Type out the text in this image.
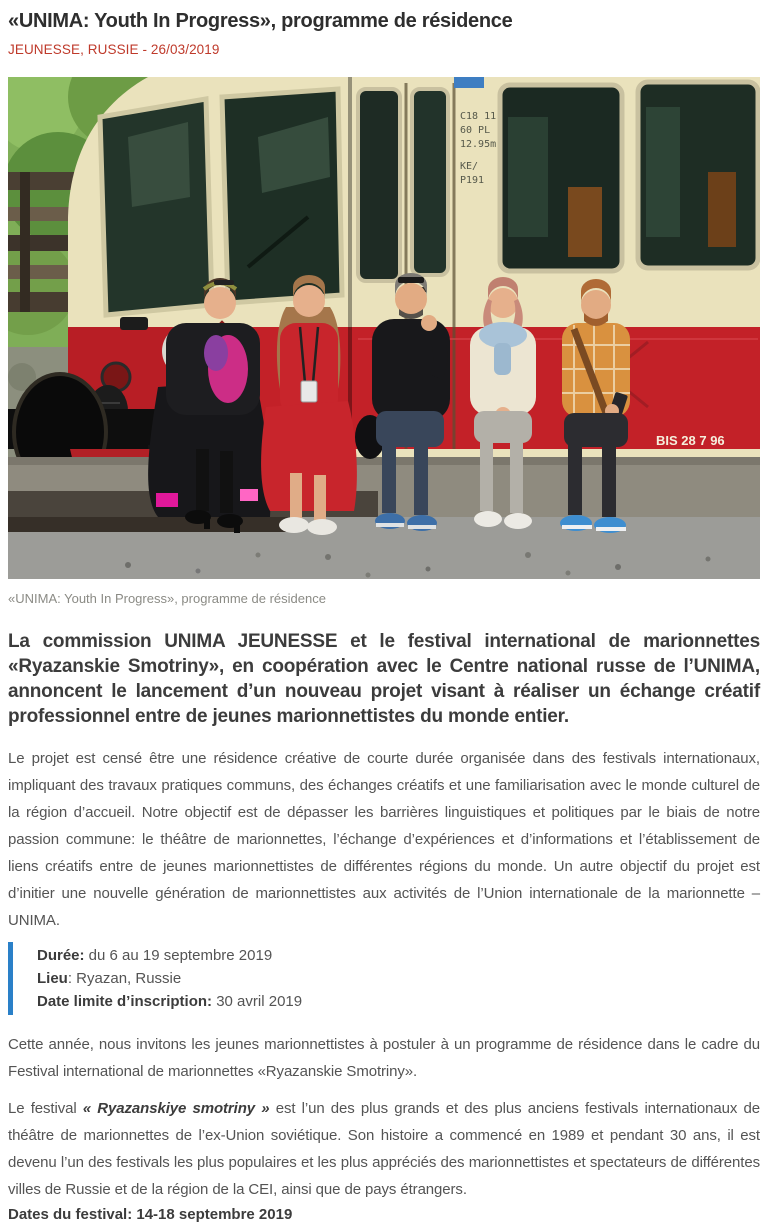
«UNIMA: Youth In Progress», programme de résidence
JEUNESSE, RUSSIE - 26/03/2019
C18 11 60 PL 12.95m KE/ P191
BIS 28 7 96
«UNIMA: Youth In Progress», programme de résidence

La commission UNIMA JEUNESSE et le festival international de marionnettes «Ryazanskie Smotriny», en coopération avec le Centre national russe de l’UNIMA, annoncent le lancement d’un nouveau projet visant à réaliser un échange créatif professionnel entre de jeunes marionnettistes du monde entier.

Le projet est censé être une résidence créative de courte durée organisée dans des festivals internationaux, impliquant des travaux pratiques communs, des échanges créatifs et une familiarisation avec le monde culturel de la région d’accueil. Notre objectif est de dépasser les barrières linguistiques et politiques par le biais de notre passion commune: le théâtre de marionnettes, l’échange d’expériences et d’informations et l’établissement de liens créatifs entre de jeunes marionnettistes de différentes régions du monde. Un autre objectif du projet est d’initier une nouvelle génération de marionnettistes aux activités de l’Union internationale de la marionnette – UNIMA.

Durée: du 6 au 19 septembre 2019
Lieu: Ryazan, Russie
Date limite d’inscription: 30 avril 2019

Cette année, nous invitons les jeunes marionnettistes à postuler à un programme de résidence dans le cadre du Festival international de marionnettes «Ryazanskie Smotriny».

Le festival « Ryazanskiye smotriny » est l’un des plus grands et des plus anciens festivals internationaux de théâtre de marionnettes de l’ex-Union soviétique. Son histoire a commencé en 1989 et pendant 30 ans, il est devenu l’un des festivals les plus populaires et les plus appréciés des marionnettistes et spectateurs de différentes villes de Russie et de la région de la CEI, ainsi que de pays étrangers.

Dates du festival: 14-18 septembre 2019
